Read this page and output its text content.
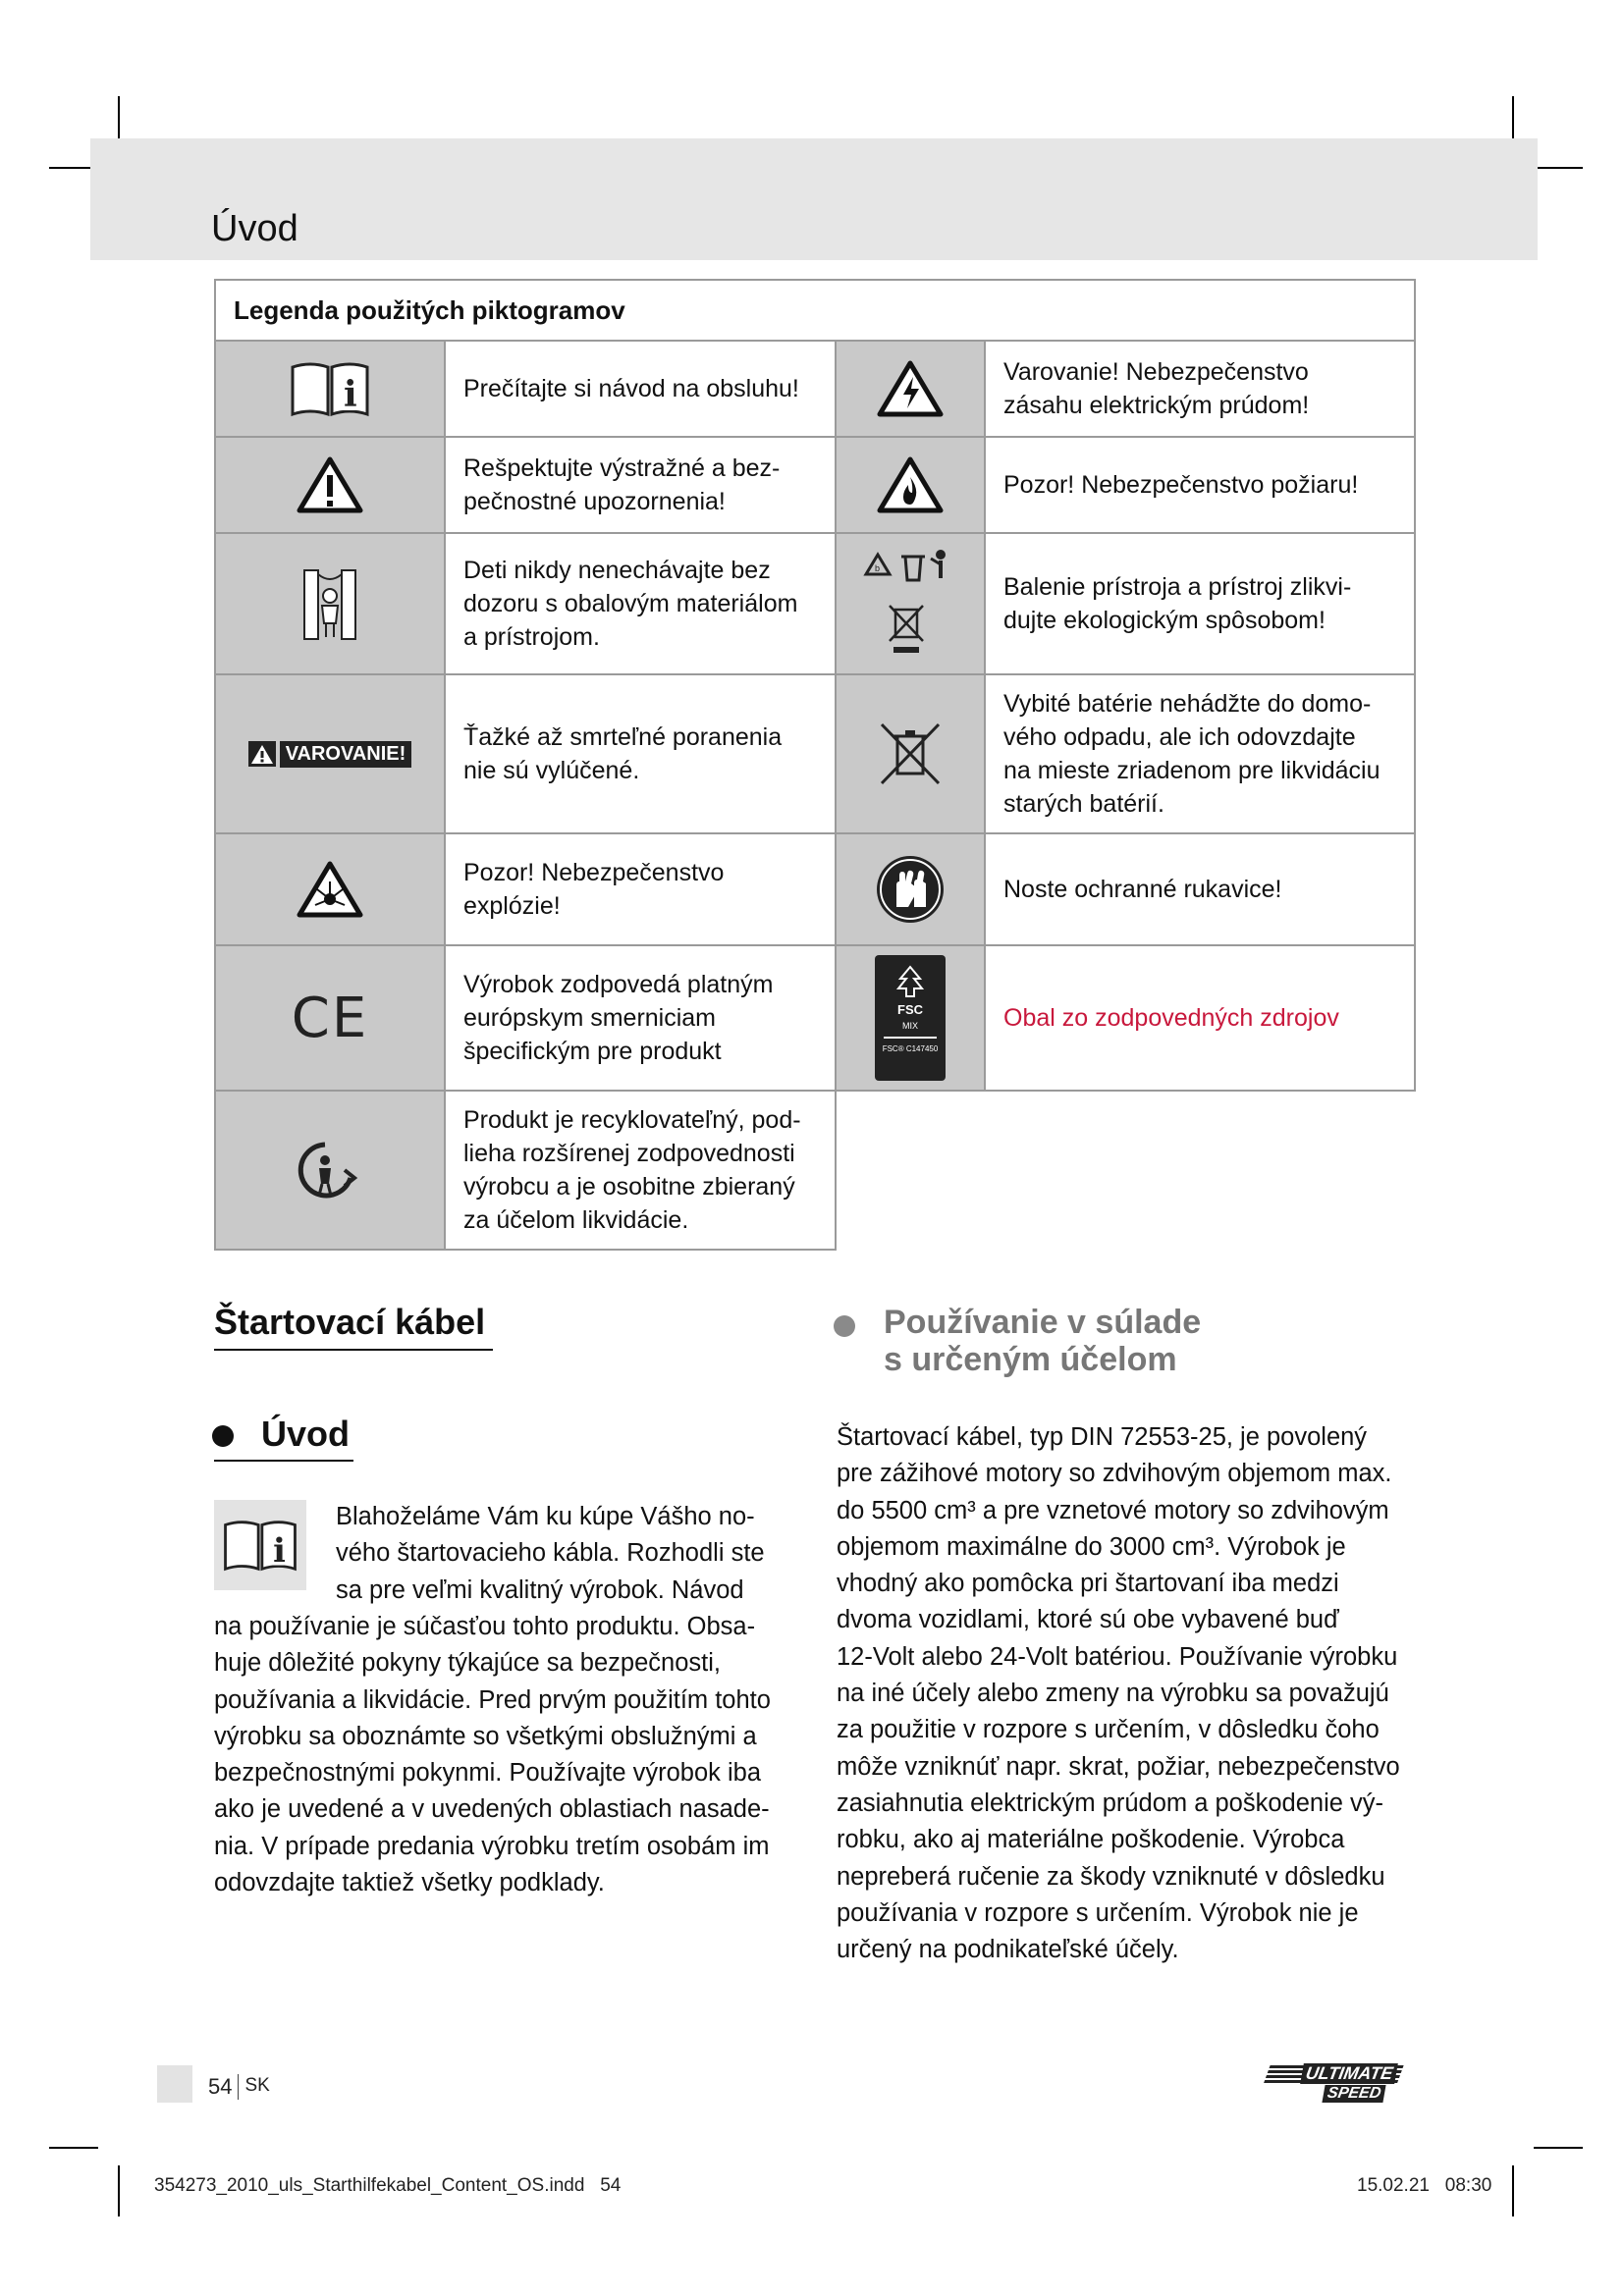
Úvod
Legenda použitých piktogramov
i	Prečítajte si návod na obsluhu!
Rešpektujte výstražné a bez-
pečnostné upozornenia!
Deti nikdy nenechávajte bez
dozoru s obalovým materiálom
a prístrojom.
VAROVANIE!
Ťažké až smrteľné poranenia
nie sú vylúčené.
Pozor! Nebezpečenstvo
explózie!
CE
Výrobok zodpovedá platným
európskym smerniciam
špecifickým pre produkt
Produkt je recyklovateľný, pod-
lieha rozšírenej zodpovednosti
výrobcu a je osobitne zbieraný
za účelom likvidácie.
Varovanie! Nebezpečenstvo
zásahu elektrickým prúdom!
Pozor! Nebezpečenstvo požiaru!
b
Balenie prístroja a prístroj zlikvi-
dujte ekologickým spôsobom!
Vybité batérie nehádžte do domo-
vého odpadu, ale ich odovzdajte
na mieste zriadenom pre likvidáciu
starých batérií.
Noste ochranné rukavice!
FSC
MIX
FSC® C147450
Obal zo zodpovedných zdrojov
Štartovací kábel
Úvod
i
Blahoželáme Vám ku kúpe Vášho no-
vého štartovacieho kábla. Rozhodli ste
sa pre veľmi kvalitný výrobok. Návod
na používanie je súčasťou tohto produktu. Obsa-
huje dôležité pokyny týkajúce sa bezpečnosti,
používania a likvidácie. Pred prvým použitím tohto
výrobku sa oboznámte so všetkými obslužnými a
bezpečnostnými pokynmi. Používajte výrobok iba
ako je uvedené a v uvedených oblastiach nasade-
nia. V prípade predania výrobku tretím osobám im
odovzdajte taktiež všetky podklady.
Používanie v súlade
s určeným účelom
Štartovací kábel, typ DIN 72553-25, je povolený
pre zážihové motory so zdvihovým objemom max.
do 5500 cm³ a pre vznetové motory so zdvihovým
objemom maximálne do 3000 cm³. Výrobok je
vhodný ako pomôcka pri štartovaní iba medzi
dvoma vozidlami, ktoré sú obe vybavené buď
12-Volt alebo 24-Volt batériou. Používanie výrobku
na iné účely alebo zmeny na výrobku sa považujú
za použitie v rozpore s určením, v dôsledku čoho
môže vzniknúť napr. skrat, požiar, nebezpečenstvo
zasiahnutia elektrickým prúdom a poškodenie vý-
robku, ako aj materiálne poškodenie. Výrobca
nepreberá ručenie za škody vzniknuté v dôsledku
používania v rozpore s určením. Výrobok nie je
určený na podnikateľské účely.
54 SK
ULTIMATE
SPEED
354273_2010_uls_Starthilfekabel_Content_OS.indd   54	15.02.21   08:30
